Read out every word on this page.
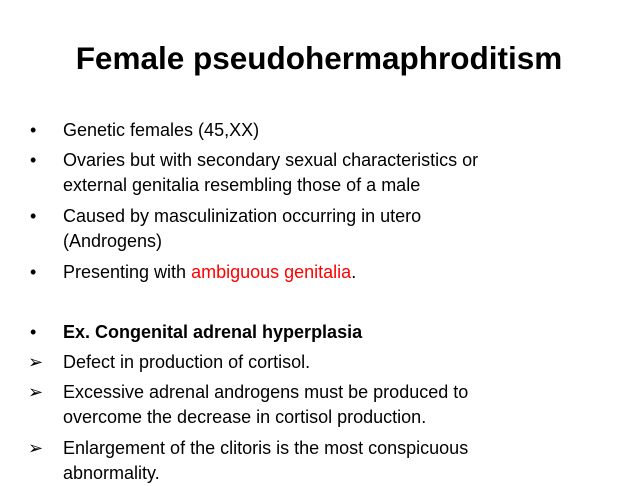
Female pseudohermaphroditism
• Genetic females (45,XX)
• Ovaries but with secondary sexual characteristics or
external genitalia resembling those of a male
• Caused by masculinization occurring in utero
(Androgens)
• Presenting with ambiguous genitalia.
• Ex. Congenital adrenal hyperplasia
➢ Defect in production of cortisol.
➢ Excessive adrenal androgens must be produced to
overcome the decrease in cortisol production.
➢ Enlargement of the clitoris is the most conspicuous
abnormality.
